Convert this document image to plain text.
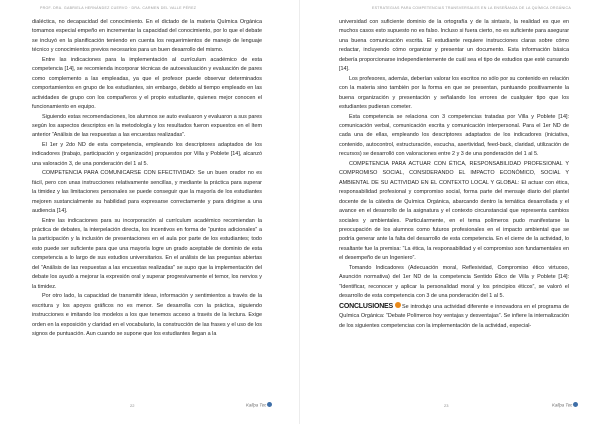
PROF. DRA. GABRIELA HERNÁNDEZ CUERVO · DRA. CARMEN DEL VALLE PÉREZ

dialéctica, no decapacidad del conocimiento. En el dictado de la materia Química Orgánica tomamos especial empeño en incrementar la capacidad del conocimiento, por lo que el debate se incluyó en la planificación teniendo en cuenta los requerimientos de manejo de lenguaje técnico y conocimientos previos necesarios para un buen desarrollo del mismo.

Entre las indicaciones para la implementación al currículum académico de esta competencia [14], se recomienda incorporar técnicas de autoevaluación y evaluación de pares como complemento a las empleadas, ya que el profesor puede observar determinados comportamientos en grupo de los estudiantes, sin embargo, debido al tiempo empleado en las actividades de grupo con los compañeros y el propio estudiante, quienes mejor conocen el funcionamiento en equipo.

Siguiendo estas recomendaciones, los alumnos se auto evaluaron y evaluaron a sus pares según los aspectos descriptos en la metodología y los resultados fueron expuestos en el ítem anterior “Análisis de las respuestas a las encuestas realizadas”.

El 1er y 2do ND de esta competencia, empleando los descriptores adaptados de los indicadores (trabajo, participación y organización) propuestos por Villa y Poblete [14], alcanzó una valoración 3, de una ponderación del 1 al 5.

COMPETENCIA PARA COMUNICARSE CON EFECTIVIDAD: Se un buen orador no es fácil, pero con unas instrucciones relativamente sencillas, y mediante la práctica para superar la timidez y las limitaciones personales se puede conseguir que la mayoría de los estudiantes mejoren sustancialmente su habilidad para expresarse correctamente y para dirigirse a una audiencia [14].

Entre las indicaciones para su incorporación al currículum académico recomiendan la práctica de debates, la interpelación directa, los incentivos en forma de “puntos adicionales” a la participación y la inclusión de presentaciones en el aula por parte de los estudiantes; todo esto puede ser suficiente para que una mayoría logre un grado aceptable de dominio de esta competencia a lo largo de sus estudios universitarios. En el análisis de las preguntas abiertas del “Análisis de las respuestas a las encuestas realizadas” se supo que la implementación del debate los ayudó a mejorar la expresión oral y superar progresivamente el temor, los nervios y la timidez.

Por otro lado, la capacidad de transmitir ideas, información y sentimientos a través de la escritura y los apoyos gráficos no es menor. Se desarrolla con la práctica, siguiendo instrucciones e imitando los modelos a los que tenemos acceso a través de la lectura. Exige orden en la exposición y claridad en el vocabulario, la construcción de las frases y el uso de los signos de puntuación. Aun cuando se supone que los estudiantes llegan a la

22	Kallpa Tec
ESTRATEGIAS PARA COMPETENCIAS TRANSVERSALES EN LA ENSEÑANZA DE LA QUÍMICA ORGÁNICA

universidad con suficiente dominio de la ortografía y de la sintaxis, la realidad es que en muchos casos esto supuesto no es falso. Incluso si fuera cierto, no es suficiente para asegurar una buena comunicación escrita. El estudiante requiere instrucciones claras sobre cómo redactar, incluyendo cómo organizar y presentar un documento. Esta información básica debería proporcionarse independientemente de cuál sea el tipo de estudios que esté cursando [14].

Los profesores, además, deberían valorar los escritos no sólo por su contenido en relación con la materia sino también por la forma en que se presentan, puntuando positivamente la buena organización y presentación y señalando los errores de cualquier tipo que los estudiantes pudieran cometer.

Esta competencia se relaciona con 3 competencias tratadas por Villa y Poblete [14]: comunicación verbal, comunicación escrita y comunicación interpersonal. Para el 1er ND de cada una de ellas, empleando los descriptores adaptados de los indicadores (iniciativa, contenido, autocontrol, estructuración, escucha, asertividad, feed-back, claridad, utilización de recursos) se desarrolló con valoraciones entre 2 y 3 de una ponderación del 1 al 5.

COMPETENCIA PARA ACTUAR CON ÉTICA, RESPONSABILIDAD PROFESIONAL Y COMPROMISO SOCIAL, CONSIDERANDO EL IMPACTO ECONÓMICO, SOCIAL Y AMBIENTAL DE SU ACTIVIDAD EN EL CONTEXTO LOCAL Y GLOBAL: El actuar con ética, responsabilidad profesional y compromiso social, forma parte del mensaje diario del plantel docente de la cátedra de Química Orgánica, abarcando dentro la temática desarrollada y el avance en el desarrollo de la asignatura y el contexto circunstancial que representa cambios sociales y ambientales. Particularmente, en el tema polímeros pudo manifestarse la preocupación de los alumnos como futuros profesionales en el impacto ambiental que se podría generar ante la falta del desarrollo de esta competencia. En el cierre de la actividad, lo resaltante fue la premisa: “La ética, la responsabilidad y el compromiso son fundamentales en el desempeño de un Ingeniero”.

Tomando Indicadores (Adecuación moral, Reflexividad, Compromiso ético virtuoso, Asunción normativa) del 1er ND de la competencia Sentido Ético de Villa y Poblete [14]: “Identificar, reconocer y aplicar la personalidad moral y los principios éticos”, se valoró el desarrollo de esta competencia con 3 de una ponderación del 1 al 5.

CONCLUSIONES Se introdujo una actividad diferente e innovadora en el programa de Química Orgánica: “Debate Polímeros hoy ventajas y desventajas”. Se infiere la internalización de los siguientes competencias con la implementación de la actividad, especial-

23	Kallpa Tec
